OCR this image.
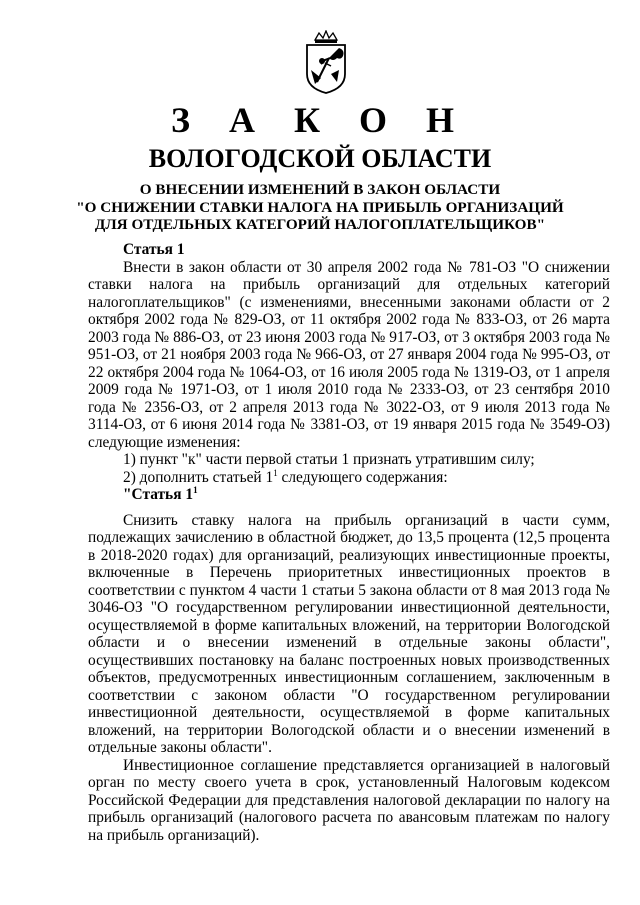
З А К О Н
ВОЛОГОДСКОЙ ОБЛАСТИ
О ВНЕСЕНИИ ИЗМЕНЕНИЙ В ЗАКОН ОБЛАСТИ
"О СНИЖЕНИИ СТАВКИ НАЛОГА НА ПРИБЫЛЬ ОРГАНИЗАЦИЙ
ДЛЯ ОТДЕЛЬНЫХ КАТЕГОРИЙ НАЛОГОПЛАТЕЛЬЩИКОВ"

Статья 1

Внести в закон области от 30 апреля 2002 года № 781-ОЗ "О снижении ставки налога на прибыль организаций для отдельных категорий налогоплательщиков" (с изменениями, внесенными законами области от 2 октября 2002 года № 829-ОЗ, от 11 октября 2002 года № 833-ОЗ, от 26 марта 2003 года № 886-ОЗ, от 23 июня 2003 года № 917-ОЗ, от 3 октября 2003 года № 951-ОЗ, от 21 ноября 2003 года № 966-ОЗ, от 27 января 2004 года № 995-ОЗ, от 22 октября 2004 года № 1064-ОЗ, от 16 июля 2005 года № 1319-ОЗ, от 1 апреля 2009 года № 1971-ОЗ, от 1 июля 2010 года № 2333-ОЗ, от 23 сентября 2010 года № 2356-ОЗ, от 2 апреля 2013 года № 3022-ОЗ, от 9 июля 2013 года № 3114-ОЗ, от 6 июня 2014 года № 3381-ОЗ, от 19 января 2015 года № 3549-ОЗ) следующие изменения:

1) пункт "к" части первой статьи 1 признать утратившим силу;

2) дополнить статьей $1^1$ следующего содержания:

"Статья $1^1$

Снизить ставку налога на прибыль организаций в части сумм, подлежащих зачислению в областной бюджет, до 13,5 процента (12,5 процента в 2018-2020 годах) для организаций, реализующих инвестиционные проекты, включенные в Перечень приоритетных инвестиционных проектов в соответствии с пунктом 4 части 1 статьи 5 закона области от 8 мая 2013 года № 3046-ОЗ "О государственном регулировании инвестиционной деятельности, осуществляемой в форме капитальных вложений, на территории Вологодской области и о внесении изменений в отдельные законы области", осуществивших постановку на баланс построенных новых производственных объектов, предусмотренных инвестиционным соглашением, заключенным в соответствии с законом области "О государственном регулировании инвестиционной деятельности, осуществляемой в форме капитальных вложений, на территории Вологодской области и о внесении изменений в отдельные законы области".

Инвестиционное соглашение представляется организацией в налоговый орган по месту своего учета в срок, установленный Налоговым кодексом Российской Федерации для представления налоговой декларации по налогу на прибыль организаций (налогового расчета по авансовым платежам по налогу на прибыль организаций).
